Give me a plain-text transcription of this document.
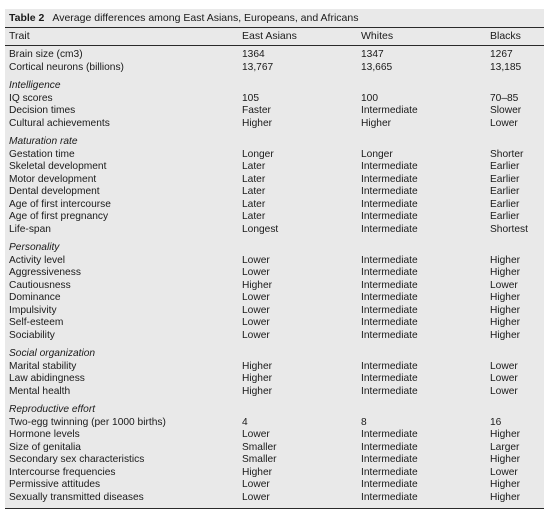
Table 2 Average differences among East Asians, Europeans, and Africans
Trait	East Asians	Whites	Blacks
Brain size (cm3)	1364	1347	1267
Cortical neurons (billions)	13,767	13,665	13,185
Intelligence
IQ scores	105	100	70–85
Decision times	Faster	Intermediate	Slower
Cultural achievements	Higher	Higher	Lower
Maturation rate
Gestation time	Longer	Longer	Shorter
Skeletal development	Later	Intermediate	Earlier
Motor development	Later	Intermediate	Earlier
Dental development	Later	Intermediate	Earlier
Age of first intercourse	Later	Intermediate	Earlier
Age of first pregnancy	Later	Intermediate	Earlier
Life-span	Longest	Intermediate	Shortest
Personality
Activity level	Lower	Intermediate	Higher
Aggressiveness	Lower	Intermediate	Higher
Cautiousness	Higher	Intermediate	Lower
Dominance	Lower	Intermediate	Higher
Impulsivity	Lower	Intermediate	Higher
Self-esteem	Lower	Intermediate	Higher
Sociability	Lower	Intermediate	Higher
Social organization
Marital stability	Higher	Intermediate	Lower
Law abidingness	Higher	Intermediate	Lower
Mental health	Higher	Intermediate	Lower
Reproductive effort
Two-egg twinning (per 1000 births)	4	8	16
Hormone levels	Lower	Intermediate	Higher
Size of genitalia	Smaller	Intermediate	Larger
Secondary sex characteristics	Smaller	Intermediate	Higher
Intercourse frequencies	Higher	Intermediate	Lower
Permissive attitudes	Lower	Intermediate	Higher
Sexually transmitted diseases	Lower	Intermediate	Higher
